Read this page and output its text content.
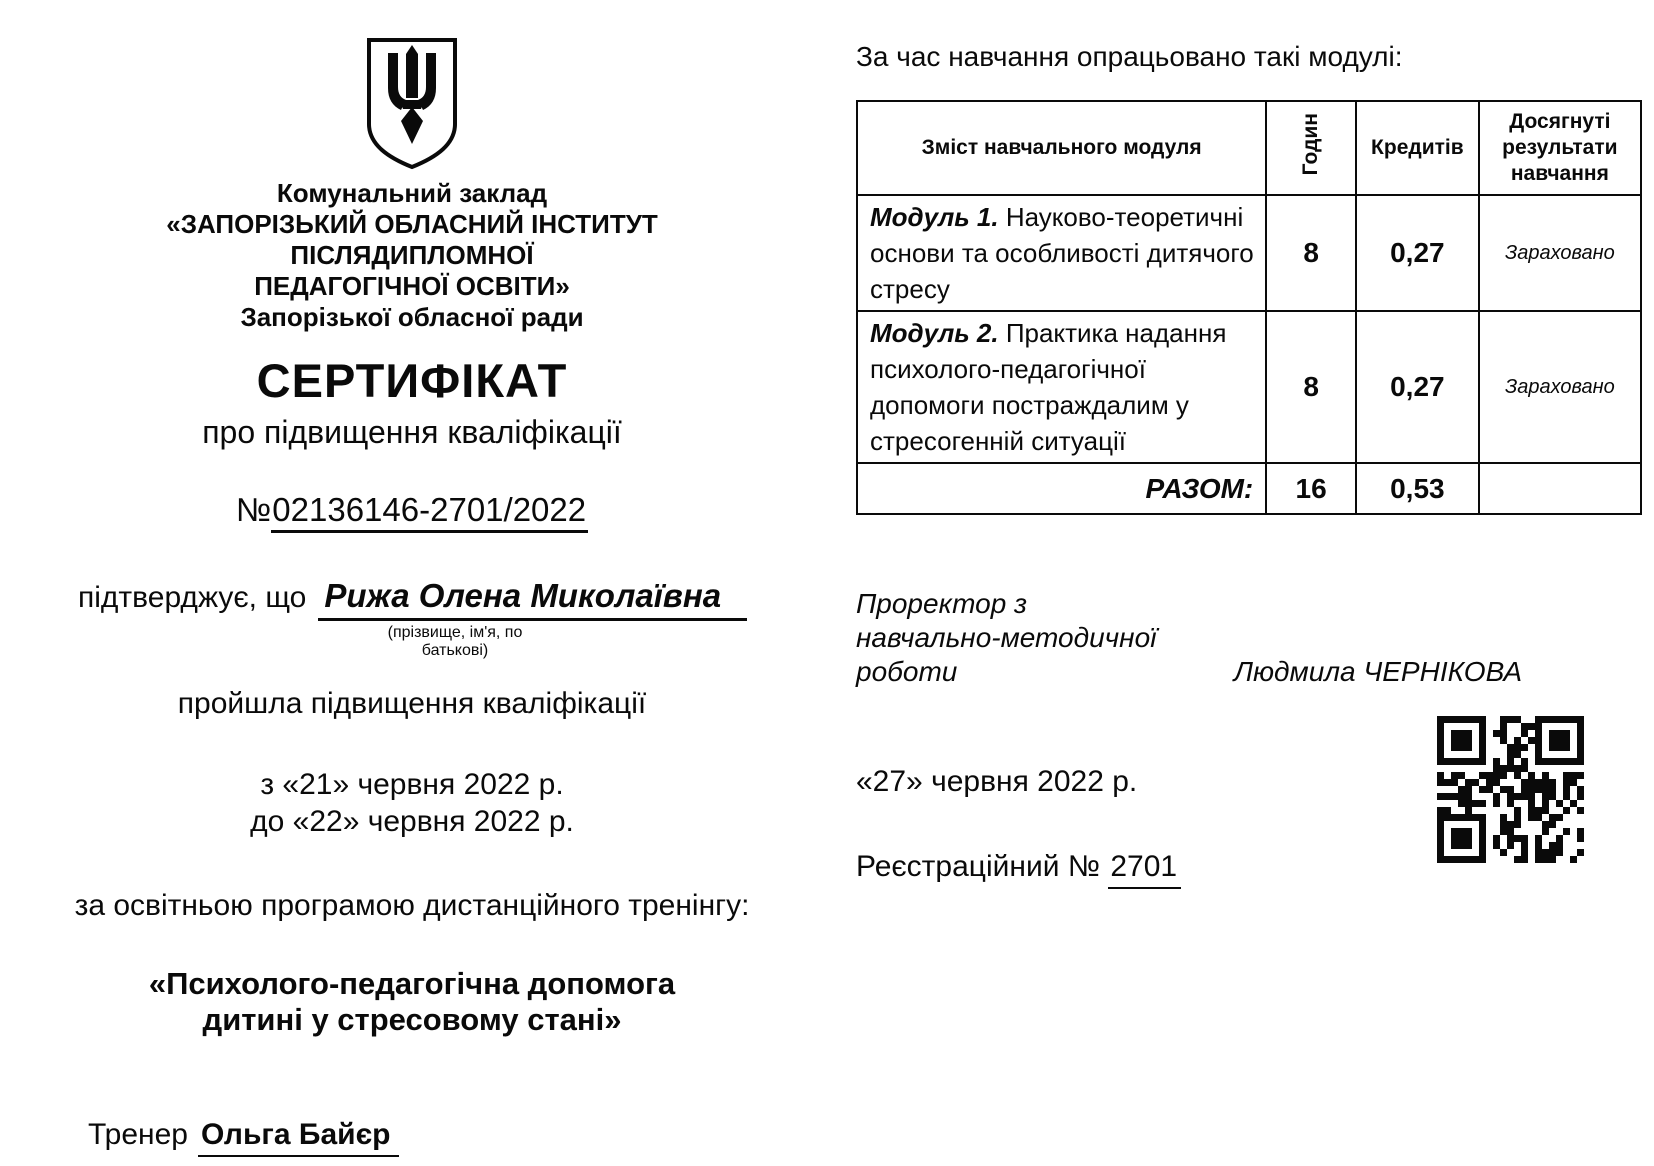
Комунальний заклад
«ЗАПОРІЗЬКИЙ ОБЛАСНИЙ ІНСТИТУТ ПІСЛЯДИПЛОМНОЇ
ПЕДАГОГІЧНОЇ ОСВІТИ»
Запорізької обласної ради
СЕРТИФІКАТ
про підвищення кваліфікації
№02136146-2701/2022
підтверджує, що Рижа Олена Миколаївна
(прізвище, ім'я, по батькові)
пройшла підвищення кваліфікації
з «21» червня 2022 р.
до «22» червня 2022 р.
за освітньою програмою дистанційного тренінгу:
«Психолого-педагогічна допомога дитині у стресовому стані»
Тренер Ольга Байєр
За час навчання опрацьовано такі модулі:
Зміст навчального модуля	Годин	Кредитів	Досягнуті результати навчання
Модуль 1. Науково-теоретичні основи та особливості дитячого стресу	8	0,27	Зараховано
Модуль 2. Практика надання психолого-педагогічної допомоги постраждалим у стресогенній ситуації	8	0,27	Зараховано
РАЗОМ:	16	0,53	
Проректор з навчально-методичної роботи	Людмила ЧЕРНІКОВА
«27» червня 2022 р.
Реєстраційний № 2701
